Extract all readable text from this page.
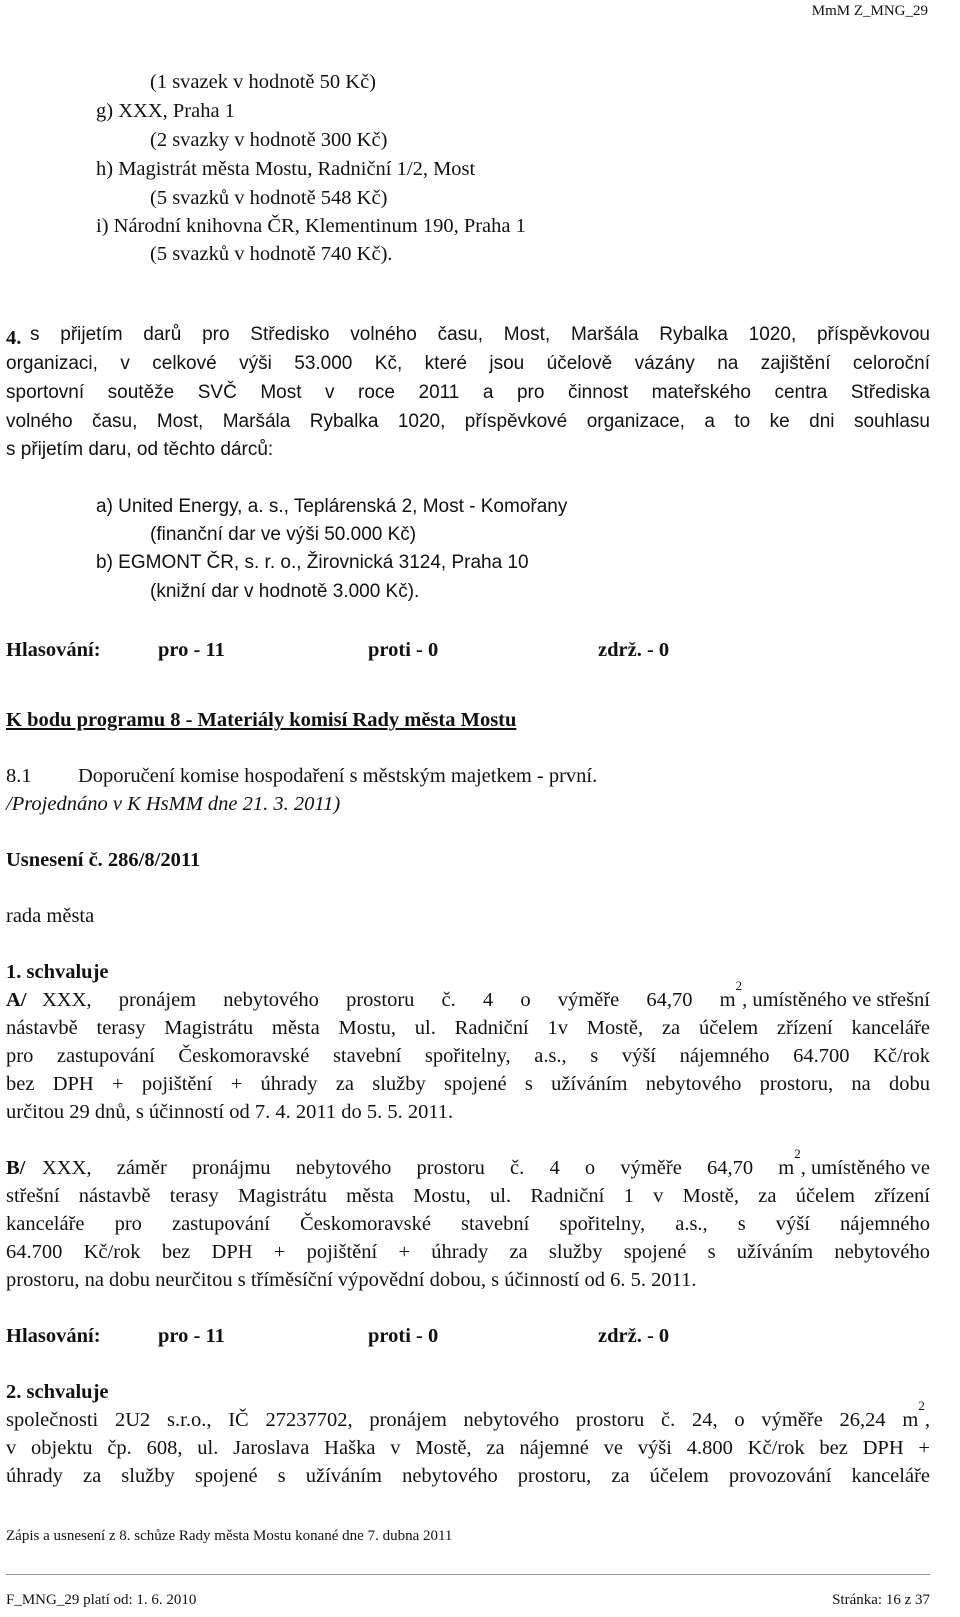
MmM Z_MNG_29
(1 svazek v hodnotě 50 Kč)
g) XXX, Praha 1
(2 svazky v hodnotě 300 Kč)
h) Magistrát města Mostu, Radniční 1/2, Most
(5 svazků v hodnotě 548 Kč)
i) Národní knihovna ČR, Klementinum 190, Praha 1
(5 svazků v hodnotě 740 Kč).
4. s přijetím darů pro Středisko volného času, Most, Maršála Rybalka 1020, příspěvkovou
organizaci, v celkové výši 53.000 Kč, které jsou účelově vázány na zajištění celoroční
sportovní soutěže SVČ Most v roce 2011 a pro činnost mateřského centra Střediska
volného času, Most, Maršála Rybalka 1020, příspěvkové organizace, a to ke dni souhlasu
s přijetím daru, od těchto dárců:
a) United Energy, a. s., Teplárenská 2, Most - Komořany
(finanční dar ve výši 50.000 Kč)
b) EGMONT ČR, s. r. o., Žirovnická 3124, Praha 10
(knižní dar v hodnotě 3.000 Kč).
Hlasování:	pro - 11	proti - 0	zdrž. - 0
K bodu programu 8 - Materiály komisí Rady města Mostu
8.1 Doporučení komise hospodaření s městským majetkem - první.
/Projednáno v K HsMM dne 21. 3. 2011)
Usnesení č. 286/8/2011
rada města
1. schvaluje
A/ XXX, pronájem nebytového prostoru č. 4 o výměře 64,70 m
2
, umístěného ve střešní
nástavbě terasy Magistrátu města Mostu, ul. Radniční 1v Mostě, za účelem zřízení kanceláře
pro zastupování Českomoravské stavební spořitelny, a.s., s výší nájemného 64.700 Kč/rok
bez DPH + pojištění + úhrady za služby spojené s užíváním nebytového prostoru, na dobu
určitou 29 dnů, s účinností od 7. 4. 2011 do 5. 5. 2011.
B/ XXX, záměr pronájmu nebytového prostoru č. 4 o výměře 64,70 m
2
, umístěného ve
střešní nástavbě terasy Magistrátu města Mostu, ul. Radniční 1 v Mostě, za účelem zřízení
kanceláře pro zastupování Českomoravské stavební spořitelny, a.s., s výší nájemného
64.700 Kč/rok bez DPH + pojištění + úhrady za služby spojené s užíváním nebytového
prostoru, na dobu neurčitou s tříměsíční výpovědní dobou, s účinností od 6. 5. 2011.
Hlasování:	pro - 11	proti - 0	zdrž. - 0
2. schvaluje
společnosti 2U2 s.r.o., IČ 27237702, pronájem nebytového prostoru č. 24, o výměře 26,24 m
2
,
v objektu čp. 608, ul. Jaroslava Haška v Mostě, za nájemné ve výši 4.800 Kč/rok bez DPH +
úhrady za služby spojené s užíváním nebytového prostoru, za účelem provozování kanceláře
Zápis a usnesení z 8. schůze Rady města Mostu konané dne 7. dubna 2011
F_MNG_29 platí od: 1. 6. 2010	Stránka: 16 z 37
